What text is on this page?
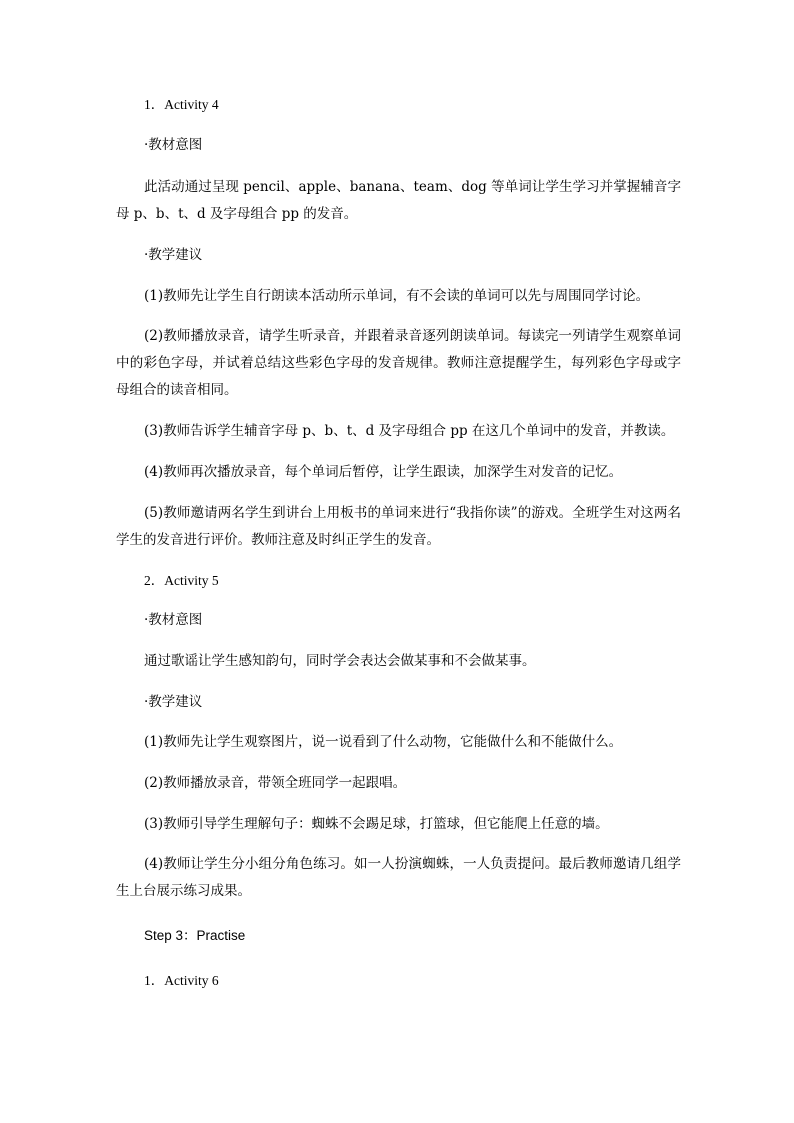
1．Activity 4
·教材意图
此活动通过呈现 pencil、apple、banana、team、dog 等单词让学生学习并掌握辅音字母 p、b、t、d 及字母组合 pp 的发音。
·教学建议
(1)教师先让学生自行朗读本活动所示单词，有不会读的单词可以先与周围同学讨论。
(2)教师播放录音，请学生听录音，并跟着录音逐列朗读单词。每读完一列请学生观察单词中的彩色字母，并试着总结这些彩色字母的发音规律。教师注意提醒学生，每列彩色字母或字母组合的读音相同。
(3)教师告诉学生辅音字母 p、b、t、d 及字母组合 pp 在这几个单词中的发音，并教读。
(4)教师再次播放录音，每个单词后暂停，让学生跟读，加深学生对发音的记忆。
(5)教师邀请两名学生到讲台上用板书的单词来进行“我指你读”的游戏。全班学生对这两名学生的发音进行评价。教师注意及时纠正学生的发音。
2．Activity 5
·教材意图
通过歌谣让学生感知韵句，同时学会表达会做某事和不会做某事。
·教学建议
(1)教师先让学生观察图片，说一说看到了什么动物，它能做什么和不能做什么。
(2)教师播放录音，带领全班同学一起跟唱。
(3)教师引导学生理解句子：蜘蛛不会踢足球，打篮球，但它能爬上任意的墙。
(4)教师让学生分小组分角色练习。如一人扮演蜘蛛，一人负责提问。最后教师邀请几组学生上台展示练习成果。
Step 3：Practise
1．Activity 6
